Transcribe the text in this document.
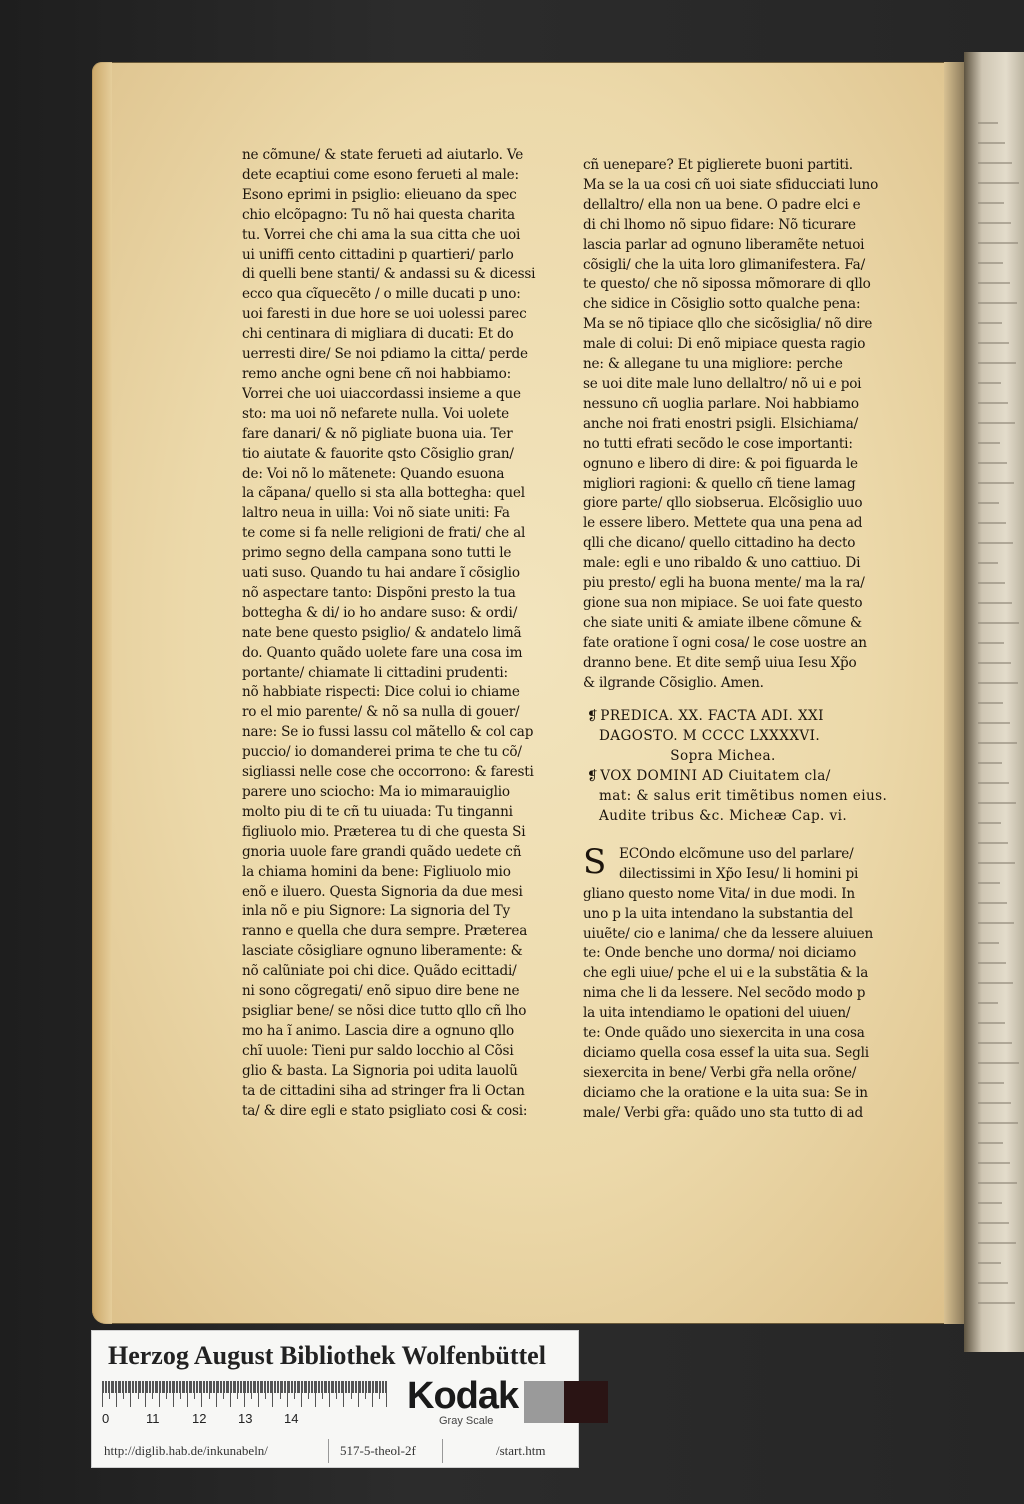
ne cõmune/ & state ferueti ad aiutarlo. Ve
dete ecaptiui come esono ferueti al male:
Esono eprimi in psiglio: elieuano da spec
chio elcõpagno: Tu nõ hai questa charita
tu. Vorrei che chi ama la sua citta che uoi
ui uniffi cento cittadini p quartieri/ parlo
di quelli bene stanti/ & andassi su & dicessi
ecco qua cĩquecẽto / o mille ducati p uno:
uoi faresti in due hore se uoi uolessi parec
chi centinara di migliara di ducati: Et do
uerresti dire/ Se noi pdiamo la citta/ perde
remo anche ogni bene cñ noi habbiamo:
Vorrei che uoi uiaccordassi insieme a que
sto: ma uoi nõ nefarete nulla. Voi uolete
fare danari/ & nõ pigliate buona uia. Ter
tio aiutate & fauorite qsto Cõsiglio gran/
de: Voi nõ lo mãtenete: Quando esuona
la cãpana/ quello si sta alla bottegha: quel
laltro neua in uilla: Voi nõ siate uniti: Fa
te come si fa nelle religioni de frati/ che al
primo segno della campana sono tutti le
uati suso. Quando tu hai andare ĩ cõsiglio
nõ aspectare tanto: Dispõni presto la tua
bottegha & di/ io ho andare suso: & ordi/
nate bene questo psiglio/ & andatelo limã
do. Quanto quãdo uolete fare una cosa im
portante/ chiamate li cittadini prudenti:
nõ habbiate rispecti: Dice colui io chiame
ro el mio parente/ & nõ sa nulla di gouer/
nare: Se io fussi lassu col mãtello & col cap
puccio/ io domanderei prima te che tu cõ/
sigliassi nelle cose che occorrono: & faresti
parere uno sciocho: Ma io mimarauiglio
molto piu di te cñ tu uiuada: Tu tinganni
figliuolo mio. Præterea tu di che questa Si
gnoria uuole fare grandi quãdo uedete cñ
la chiama homini da bene: Figliuolo mio
enõ e iluero. Questa Signoria da due mesi
inla nõ e piu Signore: La signoria del Ty
ranno e quella che dura sempre. Præterea
lasciate cõsigliare ognuno liberamente: &
nõ calũniate poi chi dice. Quãdo ecittadi/
ni sono cõgregati/ enõ sipuo dire bene ne
psigliar bene/ se nõsi dice tutto qllo cñ lho
mo ha ĩ animo. Lascia dire a ognuno qllo
chĩ uuole: Tieni pur saldo locchio al Cõsi
glio & basta. La Signoria poi udita lauolũ
ta de cittadini siha ad stringer fra li Octan
ta/ & dire egli e stato psigliato cosi & cosi:
cñ uenepare? Et piglierete buoni partiti.
Ma se la ua cosi cñ uoi siate sfiducciati luno
dellaltro/ ella non ua bene. O padre elci e
di chi lhomo nõ sipuo fidare: Nõ ticurare
lascia parlar ad ognuno liberamẽte netuoi
cõsigli/ che la uita loro glimanifestera. Fa/
te questo/ che nõ sipossa mõmorare di qllo
che sidice in Cõsiglio sotto qualche pena:
Ma se nõ tipiace qllo che sicõsiglia/ nõ dire
male di colui: Di enõ mipiace questa ragio
ne: & allegane tu una migliore: perche
se uoi dite male luno dellaltro/ nõ ui e poi
nessuno cñ uoglia parlare. Noi habbiamo
anche noi frati enostri psigli. Elsichiama/
no tutti efrati secõdo le cose importanti:
ognuno e libero di dire: & poi figuarda le
migliori ragioni: & quello cñ tiene lamag
giore parte/ qllo siobserua. Elcõsiglio uuo
le essere libero. Mettete qua una pena ad
qlli che dicano/ quello cittadino ha decto
male: egli e uno ribaldo & uno cattiuo. Di
piu presto/ egli ha buona mente/ ma la ra/
gione sua non mipiace. Se uoi fate questo
che siate uniti & amiate ilbene cõmune &
fate oratione ĩ ogni cosa/ le cose uostre an
dranno bene. Et dite semp̃ uiua Iesu Xp̃o
& ilgrande Cõsiglio. Amen.
❡ PREDICA. XX. FACTA ADI. XXI
DAGOSTO. M CCCC LXXXXVI.
Sopra Michea.
❡ VOX DOMINI AD Ciuitatem cla/
mat: & salus erit timẽtibus nomen eius.
Audite tribus &c. Micheæ Cap. vi.
S ECOndo elcõmune uso del parlare/
dilectissimi in Xp̃o Iesu/ li homini pi
gliano questo nome Vita/ in due modi. In
uno p la uita intendano la substantia del
uiuẽte/ cio e lanima/ che da lessere aluiuen
te: Onde benche uno dorma/ noi diciamo
che egli uiue/ pche el ui e la substãtia & la
nima che li da lessere. Nel secõdo modo p
la uita intendiamo le opationi del uiuen/
te: Onde quãdo uno siexercita in una cosa
diciamo quella cosa essef la uita sua. Segli
siexercita in bene/ Verbi gr̃a nella orõne/
diciamo che la oratione e la uita sua: Se in
male/ Verbi gr̃a: quãdo uno sta tutto di ad
Herzog August Bibliothek Wolfenbüttel
0	11	12 13 14
Kodak
Gray Scale
http://diglib.hab.de/inkunabeln/	517-5-theol-2f	/start.htm
